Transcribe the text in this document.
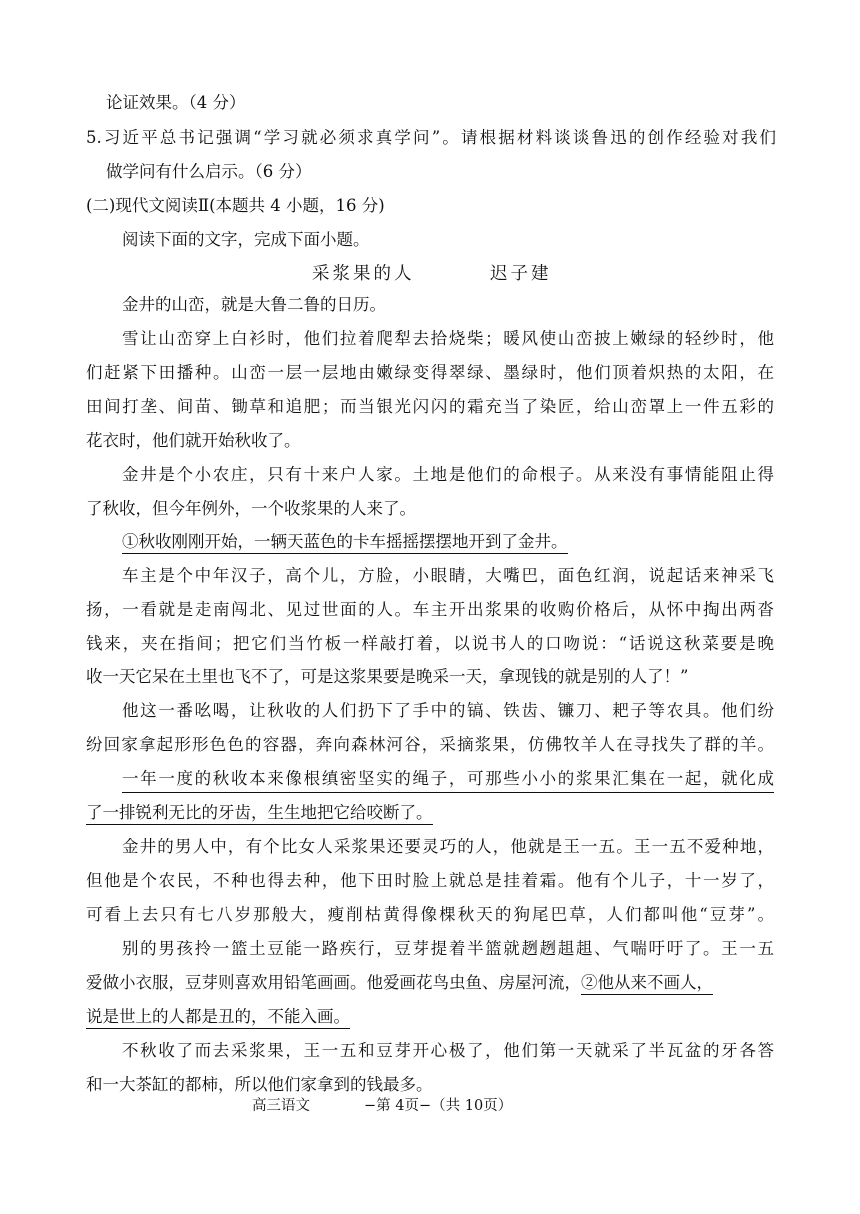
论证效果。（4 分）
5.习近平总书记强调“学习就必须求真学问”。请根据材料谈谈鲁迅的创作经验对我们
做学问有什么启示。（6 分）
(二)现代文阅读Ⅱ(本题共 4 小题，16 分)
阅读下面的文字，完成下面小题。
采浆果的人	迟子建
金井的山峦，就是大鲁二鲁的日历。
雪让山峦穿上白衫时，他们拉着爬犁去拾烧柴；暖风使山峦披上嫩绿的轻纱时，他
们赶紧下田播种。山峦一层一层地由嫩绿变得翠绿、墨绿时，他们顶着炽热的太阳，在
田间打垄、间苗、锄草和追肥；而当银光闪闪的霜充当了染匠，给山峦罩上一件五彩的
花衣时，他们就开始秋收了。
金井是个小农庄，只有十来户人家。土地是他们的命根子。从来没有事情能阻止得
了秋收，但今年例外，一个收浆果的人来了。
①秋收刚刚开始，一辆天蓝色的卡车摇摇摆摆地开到了金井。
车主是个中年汉子，高个儿，方脸，小眼睛，大嘴巴，面色红润，说起话来神采飞
扬，一看就是走南闯北、见过世面的人。车主开出浆果的收购价格后，从怀中掏出两沓
钱来，夹在指间；把它们当竹板一样敲打着，以说书人的口吻说：“话说这秋菜要是晚
收一天它呆在土里也飞不了，可是这浆果要是晚采一天，拿现钱的就是别的人了！”
他这一番吆喝，让秋收的人们扔下了手中的镐、铁齿、镰刀、耙子等农具。他们纷
纷回家拿起形形色色的容器，奔向森林河谷，采摘浆果，仿佛牧羊人在寻找失了群的羊。
一年一度的秋收本来像根缜密坚实的绳子，可那些小小的浆果汇集在一起，就化成
了一排锐利无比的牙齿，生生地把它给咬断了。
金井的男人中，有个比女人采浆果还要灵巧的人，他就是王一五。王一五不爱种地，
但他是个农民，不种也得去种，他下田时脸上就总是挂着霜。他有个儿子，十一岁了，
可看上去只有七八岁那般大，瘦削枯黄得像棵秋天的狗尾巴草，人们都叫他“豆芽”。
别的男孩拎一篮土豆能一路疾行，豆芽提着半篮就趔趔趄趄、气喘吁吁了。王一五
爱做小衣服，豆芽则喜欢用铅笔画画。他爱画花鸟虫鱼、房屋河流，②他从来不画人，
说是世上的人都是丑的，不能入画。
不秋收了而去采浆果，王一五和豆芽开心极了，他们第一天就采了半瓦盆的牙各答
和一大茶缸的都柿，所以他们家拿到的钱最多。
高三语文	−第 4页−（共 10页）
